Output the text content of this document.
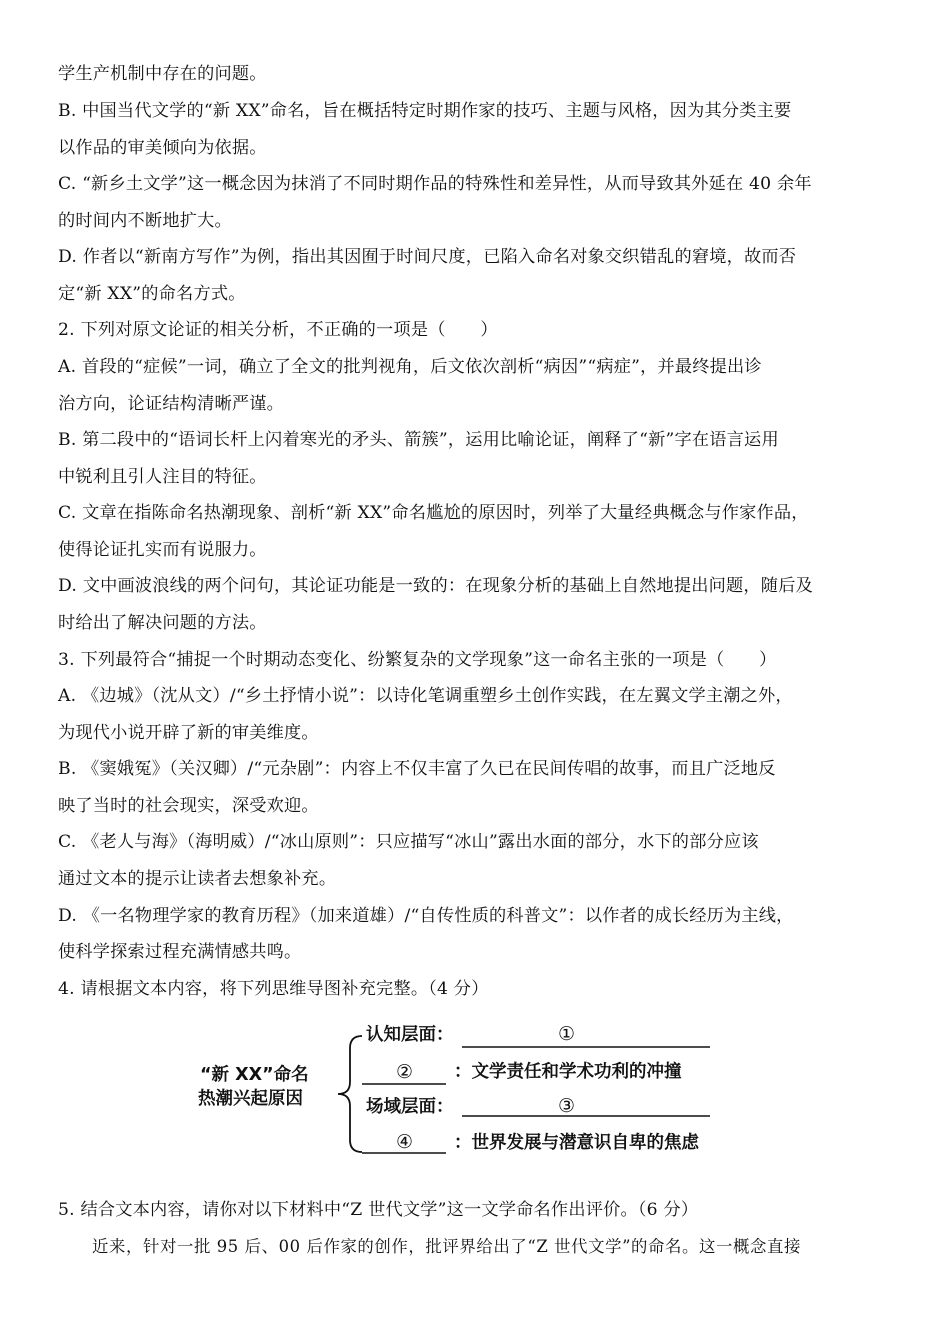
学生产机制中存在的问题。
B. 中国当代文学的“新 XX”命名，旨在概括特定时期作家的技巧、主题与风格，因为其分类主要
以作品的审美倾向为依据。
C. “新乡土文学”这一概念因为抹消了不同时期作品的特殊性和差异性，从而导致其外延在 40 余年
的时间内不断地扩大。
D. 作者以“新南方写作”为例，指出其因囿于时间尺度，已陷入命名对象交织错乱的窘境，故而否
定“新 XX”的命名方式。
2. 下列对原文论证的相关分析，不正确的一项是（　　）
A. 首段的“症候”一词，确立了全文的批判视角，后文依次剖析“病因”“病症”，并最终提出诊
治方向，论证结构清晰严谨。
B. 第二段中的“语词长杆上闪着寒光的矛头、箭簇”，运用比喻论证，阐释了“新”字在语言运用
中锐利且引人注目的特征。
C. 文章在指陈命名热潮现象、剖析“新 XX”命名尴尬的原因时，列举了大量经典概念与作家作品，
使得论证扎实而有说服力。
D. 文中画波浪线的两个问句，其论证功能是一致的：在现象分析的基础上自然地提出问题，随后及
时给出了解决问题的方法。
3. 下列最符合“捕捉一个时期动态变化、纷繁复杂的文学现象”这一命名主张的一项是（　　）
A. 《边城》（沈从文）/“乡土抒情小说”：以诗化笔调重塑乡土创作实践，在左翼文学主潮之外，
为现代小说开辟了新的审美维度。
B. 《窦娥冤》（关汉卿）/“元杂剧”：内容上不仅丰富了久已在民间传唱的故事，而且广泛地反
映了当时的社会现实，深受欢迎。
C. 《老人与海》（海明威）/“冰山原则”：只应描写“冰山”露出水面的部分，水下的部分应该
通过文本的提示让读者去想象补充。
D. 《一名物理学家的教育历程》（加来道雄）/“自传性质的科普文”：以作者的成长经历为主线，
使科学探索过程充满情感共鸣。
4. 请根据文本内容，将下列思维导图补充完整。（4 分）
“新 XX”命名
热潮兴起原因
认知层面：	①
② ：文学责任和学术功利的冲撞
场域层面：	③
④ ：世界发展与潜意识自卑的焦虑
5. 结合文本内容，请你对以下材料中“Z 世代文学”这一文学命名作出评价。（6 分）
近来，针对一批 95 后、00 后作家的创作，批评界给出了“Z 世代文学”的命名。这一概念直接
